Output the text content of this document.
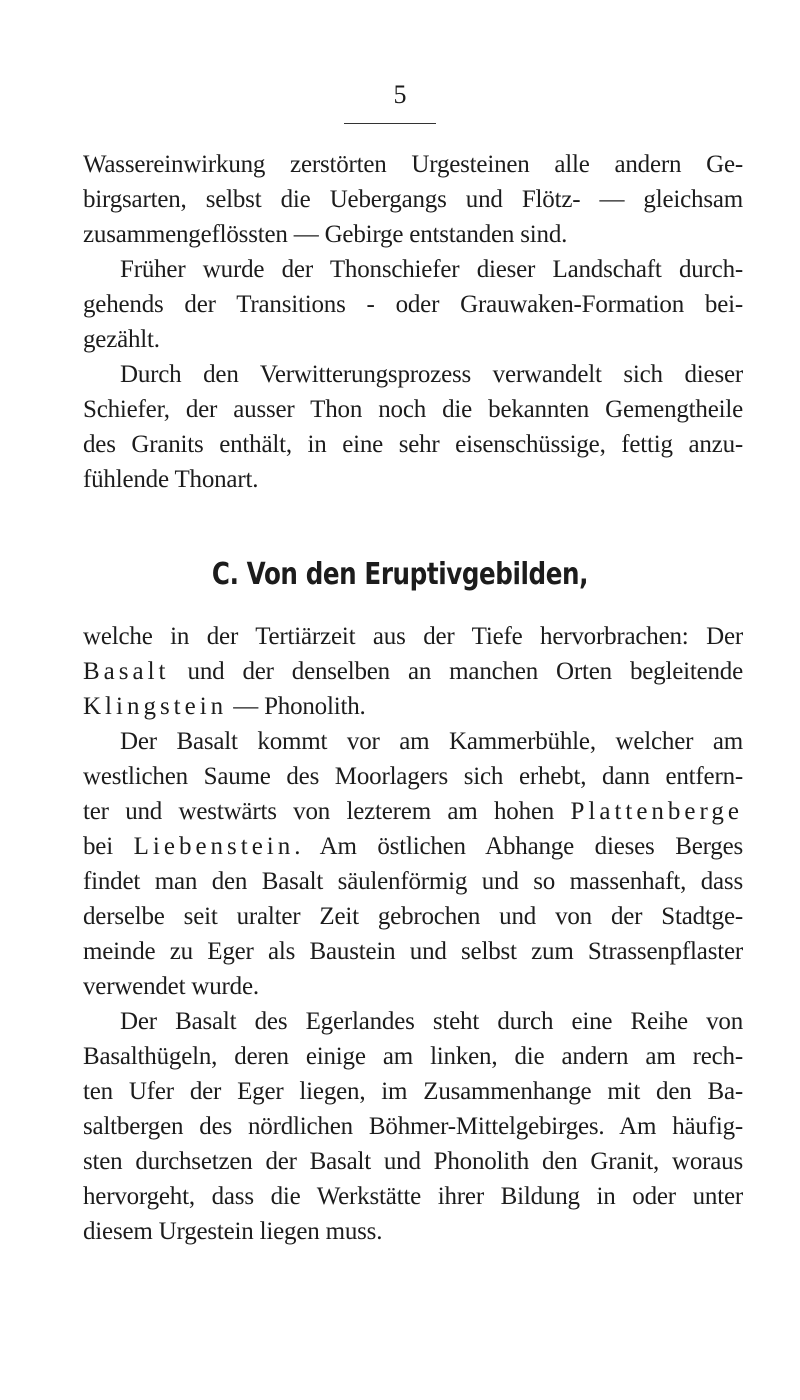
5
Wassereinwirkung zerstörten Urgesteinen alle andern Ge-
birgsarten, selbst die Uebergangs und Flötz- — gleichsam
zusammengeflössten — Gebirge entstanden sind.
Früher wurde der Thonschiefer dieser Landschaft durch-
gehends der Transitions - oder Grauwaken-Formation bei-
gezählt.
Durch den Verwitterungsprozess verwandelt sich dieser
Schiefer, der ausser Thon noch die bekannten Gemengtheile
des Granits enthält, in eine sehr eisenschüssige, fettig anzu-
fühlende Thonart.
C. Von den Eruptivgebilden,
welche in der Tertiärzeit aus der Tiefe hervorbrachen: Der
Basalt und der denselben an manchen Orten begleitende
Klingstein — Phonolith.
Der Basalt kommt vor am Kammerbühle, welcher am
westlichen Saume des Moorlagers sich erhebt, dann entfern-
ter und westwärts von lezterem am hohen Plattenberge
bei Liebenstein. Am östlichen Abhange dieses Berges
findet man den Basalt säulenförmig und so massenhaft, dass
derselbe seit uralter Zeit gebrochen und von der Stadtge-
meinde zu Eger als Baustein und selbst zum Strassenpflaster
verwendet wurde.
Der Basalt des Egerlandes steht durch eine Reihe von
Basalthügeln, deren einige am linken, die andern am rech-
ten Ufer der Eger liegen, im Zusammenhange mit den Ba-
saltbergen des nördlichen Böhmer-Mittelgebirges. Am häufig-
sten durchsetzen der Basalt und Phonolith den Granit, woraus
hervorgeht, dass die Werkstätte ihrer Bildung in oder unter
diesem Urgestein liegen muss.
